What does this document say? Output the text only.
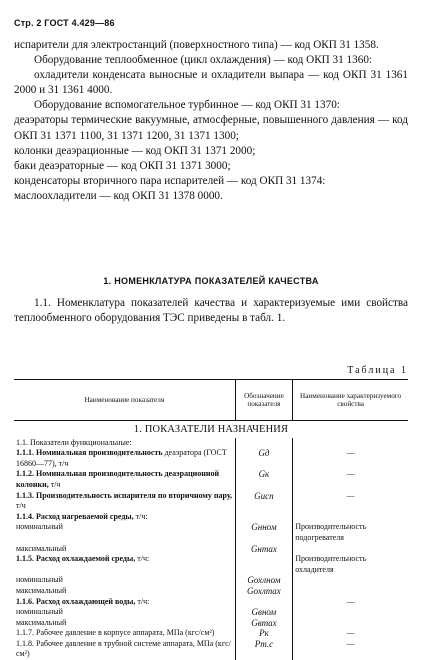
Стр. 2 ГОСТ 4.429—86
испарители для электростанций (поверхностного типа) — код ОКП 31 1358.
Оборудование теплообменное (цикл охлаждения) — код ОКП 31 1360:
охладители конденсата выносные и охладители выпара — код ОКП 31 1361 2000 и 31 1361 4000.
Оборудование вспомогательное турбинное — код ОКП 31 1370:
деаэраторы термические вакуумные, атмосферные, повышенного давления — код ОКП 31 1371 1100, 31 1371 1200, 31 1371 1300;
колонки деаэрационные — код ОКП 31 1371 2000;
баки деаэраторные — код ОКП 31 1371 3000;
конденсаторы вторичного пара испарителей — код ОКП 31 1374:
маслоохладители — код ОКП 31 1378 0000.
1. НОМЕНКЛАТУРА ПОКАЗАТЕЛЕЙ КАЧЕСТВА
1.1. Номенклатура показателей качества и характеризуемые ими свойства теплообменного оборудования ТЭС приведены в табл. 1.
Таблица 1
Наименование показателя	Обозначение показателя	Наименование характеризуемого свойства
1. ПОКАЗАТЕЛИ НАЗНАЧЕНИЯ		
1.1. Показатели функциональные:		
1.1.1. Номинальная производительность деаэратора (ГОСТ 16860—77), т/ч	Gд	—

1.1.2. Номинальная производительность деаэрационной колонки, т/ч	Gк	—

1.1.3. Производительность испарителя по вторичному пару, т/ч	Gисп	—

1.1.4. Расход нагреваемой среды, т/ч:		
номинальный	Gнном	Производительность подогревателя
максимальный	Gнmax	
1.1.5. Расход охлаждаемой среды, т/ч:		Производительность охладителя
номинальный	Gохлном	
максимальный	Gохлmax	
1.1.6. Расход охлаждающей воды, т/ч:		—

номинальный	Gвном	
максимальный	Gвmax	
1.1.7. Рабочее давление в корпусе аппарата, МПа (кгс/см²)	Pк	—

1.1.8. Рабочее давление в трубной системе аппарата, МПа (кгс/см²)	Pт.с	—
